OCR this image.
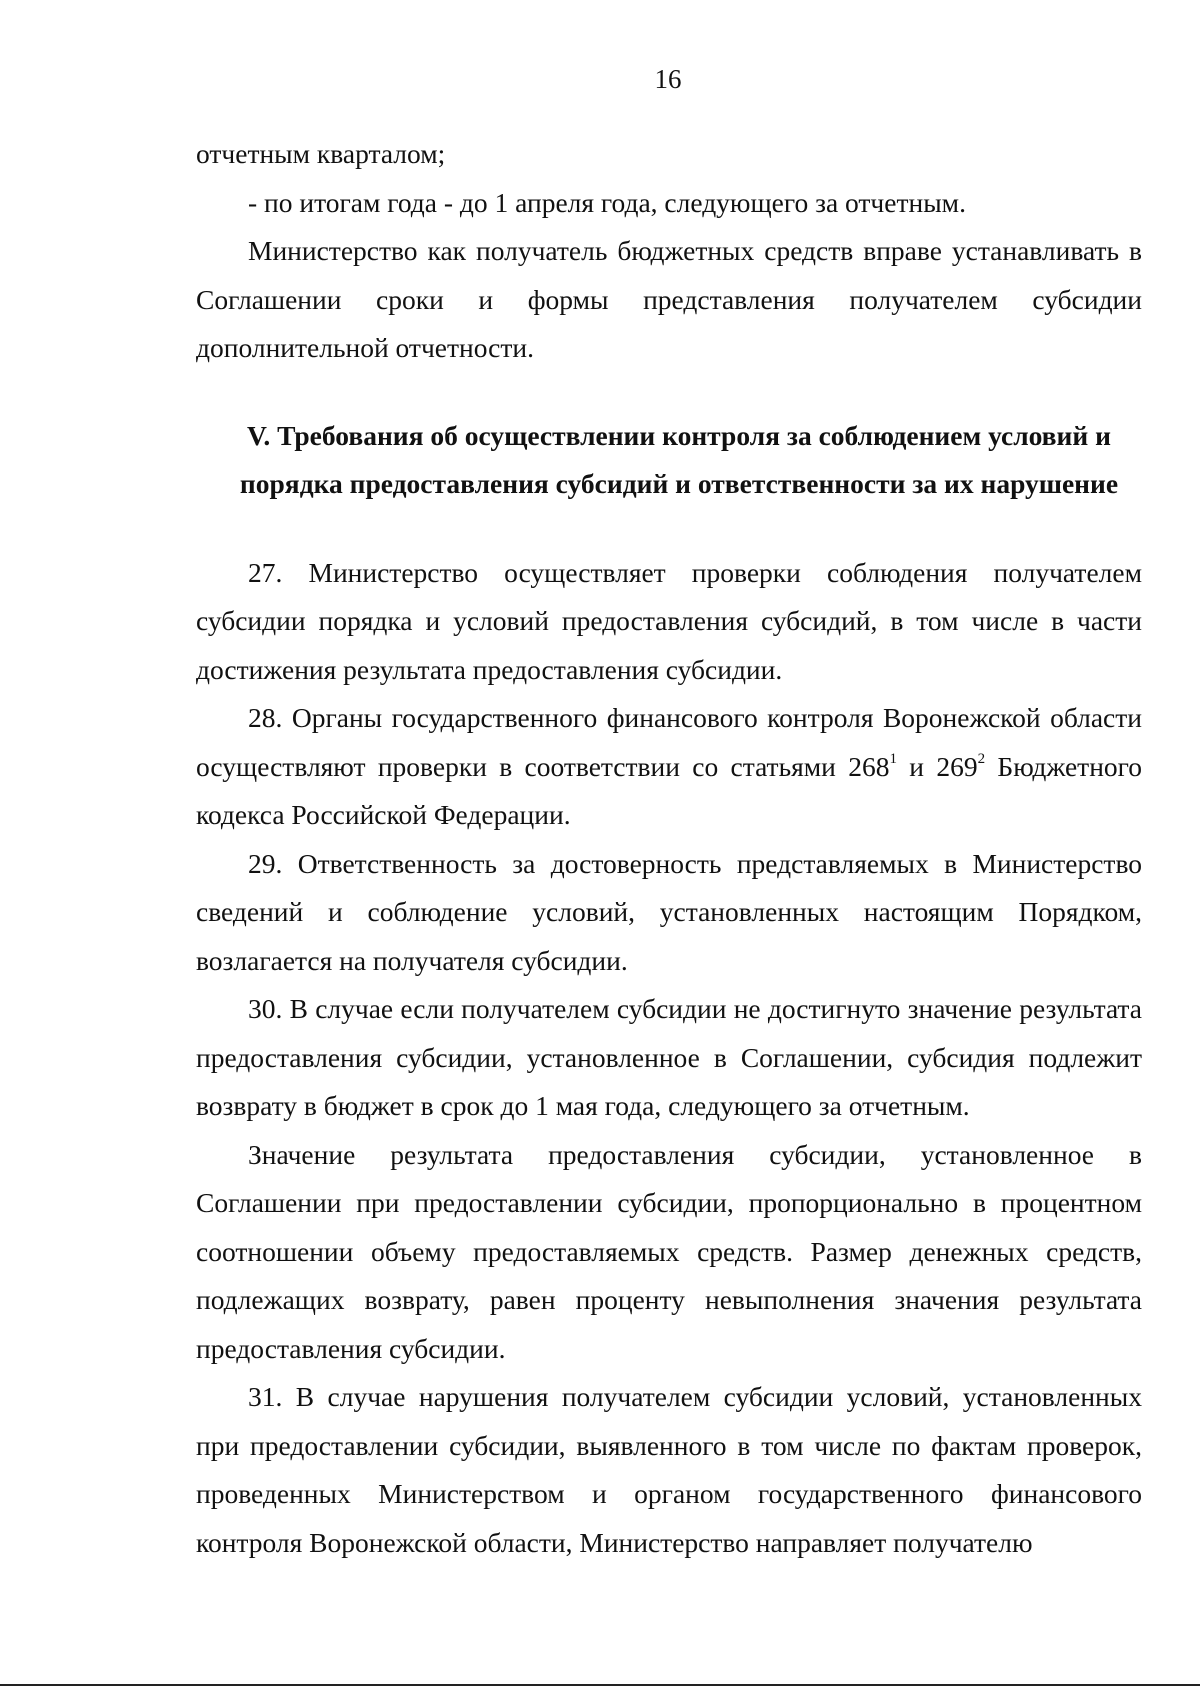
16

отчетным кварталом;

- по итогам года - до 1 апреля года, следующего за отчетным.

Министерство как получатель бюджетных средств вправе устанавливать в Соглашении сроки и формы представления получателем субсидии дополнительной отчетности.

V. Требования об осуществлении контроля за соблюдением условий и
порядка предоставления субсидий и ответственности за их нарушение

27. Министерство осуществляет проверки соблюдения получателем субсидии порядка и условий предоставления субсидий, в том числе в части достижения результата предоставления субсидии.

28. Органы государственного финансового контроля Воронежской области осуществляют проверки в соответствии со статьями $268^1$ и $269^2$ Бюджетного кодекса Российской Федерации.

29. Ответственность за достоверность представляемых в Министерство сведений и соблюдение условий, установленных настоящим Порядком, возлагается на получателя субсидии.

30. В случае если получателем субсидии не достигнуто значение результата предоставления субсидии, установленное в Соглашении, субсидия подлежит возврату в бюджет в срок до 1 мая года, следующего за отчетным.

Значение результата предоставления субсидии, установленное в Соглашении при предоставлении субсидии, пропорционально в процентном соотношении объему предоставляемых средств. Размер денежных средств, подлежащих возврату, равен проценту невыполнения значения результата предоставления субсидии.

31. В случае нарушения получателем субсидии условий, установленных при предоставлении субсидии, выявленного в том числе по фактам проверок, проведенных Министерством и органом государственного финансового контроля Воронежской области, Министерство направляет получателю
